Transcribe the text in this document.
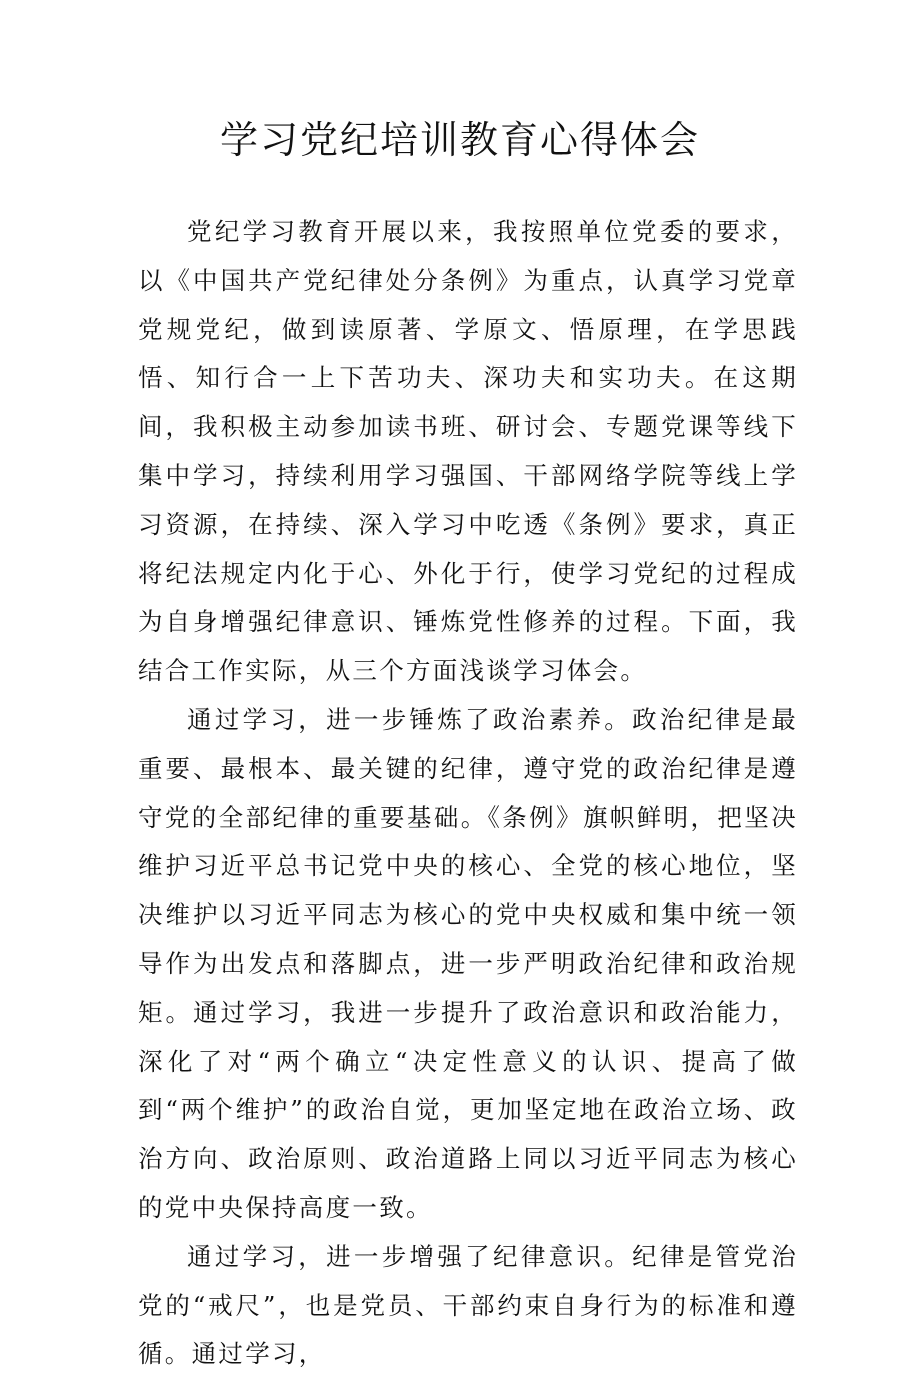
学习党纪培训教育心得体会

党纪学习教育开展以来，我按照单位党委的要求，以《中国共产党纪律处分条例》为重点，认真学习党章党规党纪，做到读原著、学原文、悟原理，在学思践悟、知行合一上下苦功夫、深功夫和实功夫。在这期间，我积极主动参加读书班、研讨会、专题党课等线下集中学习，持续利用学习强国、干部网络学院等线上学习资源，在持续、深入学习中吃透《条例》要求，真正将纪法规定内化于心、外化于行，使学习党纪的过程成为自身增强纪律意识、锤炼党性修养的过程。下面，我结合工作实际，从三个方面浅谈学习体会。

通过学习，进一步锤炼了政治素养。政治纪律是最重要、最根本、最关键的纪律，遵守党的政治纪律是遵守党的全部纪律的重要基础。《条例》旗帜鲜明，把坚决维护习近平总书记党中央的核心、全党的核心地位，坚决维护以习近平同志为核心的党中央权威和集中统一领导作为出发点和落脚点，进一步严明政治纪律和政治规矩。通过学习，我进一步提升了政治意识和政治能力，深化了对“两个确立“决定性意义的认识、提高了做到“两个维护”的政治自觉，更加坚定地在政治立场、政治方向、政治原则、政治道路上同以习近平同志为核心的党中央保持高度一致。

通过学习，进一步增强了纪律意识。纪律是管党治党的“戒尺”，也是党员、干部约束自身行为的标准和遵循。通过学习，
